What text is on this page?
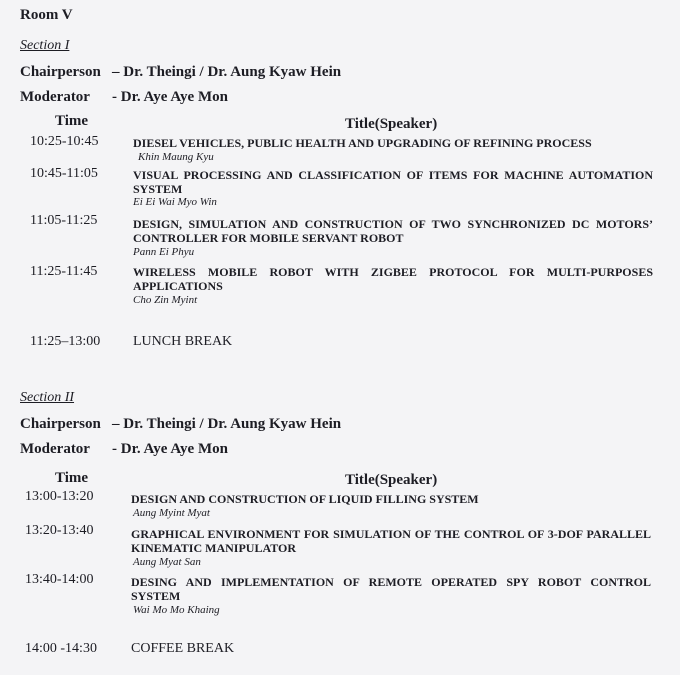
Room V
Section I
Chairperson – Dr. Theingi / Dr. Aung Kyaw Hein
Moderator - Dr. Aye Aye Mon
Time	Title(Speaker)
10:25-10:45	DIESEL VEHICLES, PUBLIC HEALTH AND UPGRADING OF REFINING PROCESS
Khin Maung Kyu
10:45-11:05	VISUAL PROCESSING AND CLASSIFICATION OF ITEMS FOR MACHINE AUTOMATION SYSTEM
Ei Ei Wai Myo Win
11:05-11:25	DESIGN, SIMULATION AND CONSTRUCTION OF TWO SYNCHRONIZED DC MOTORS’ CONTROLLER FOR MOBILE SERVANT ROBOT
Pann Ei Phyu
11:25-11:45	WIRELESS MOBILE ROBOT WITH ZIGBEE PROTOCOL FOR MULTI-PURPOSES APPLICATIONS
Cho Zin Myint
11:25–13:00 LUNCH BREAK
Section II
Chairperson – Dr. Theingi / Dr. Aung Kyaw Hein
Moderator - Dr. Aye Aye Mon
Time	Title(Speaker)
13:00-13:20	DESIGN AND CONSTRUCTION OF LIQUID FILLING SYSTEM
Aung Myint Myat
13:20-13:40	GRAPHICAL ENVIRONMENT FOR SIMULATION OF THE CONTROL OF 3-DOF PARALLEL KINEMATIC MANIPULATOR
Aung Myat San
13:40-14:00	DESING AND IMPLEMENTATION OF REMOTE OPERATED SPY ROBOT CONTROL SYSTEM
Wai Mo Mo Khaing
14:00 -14:30 COFFEE BREAK
